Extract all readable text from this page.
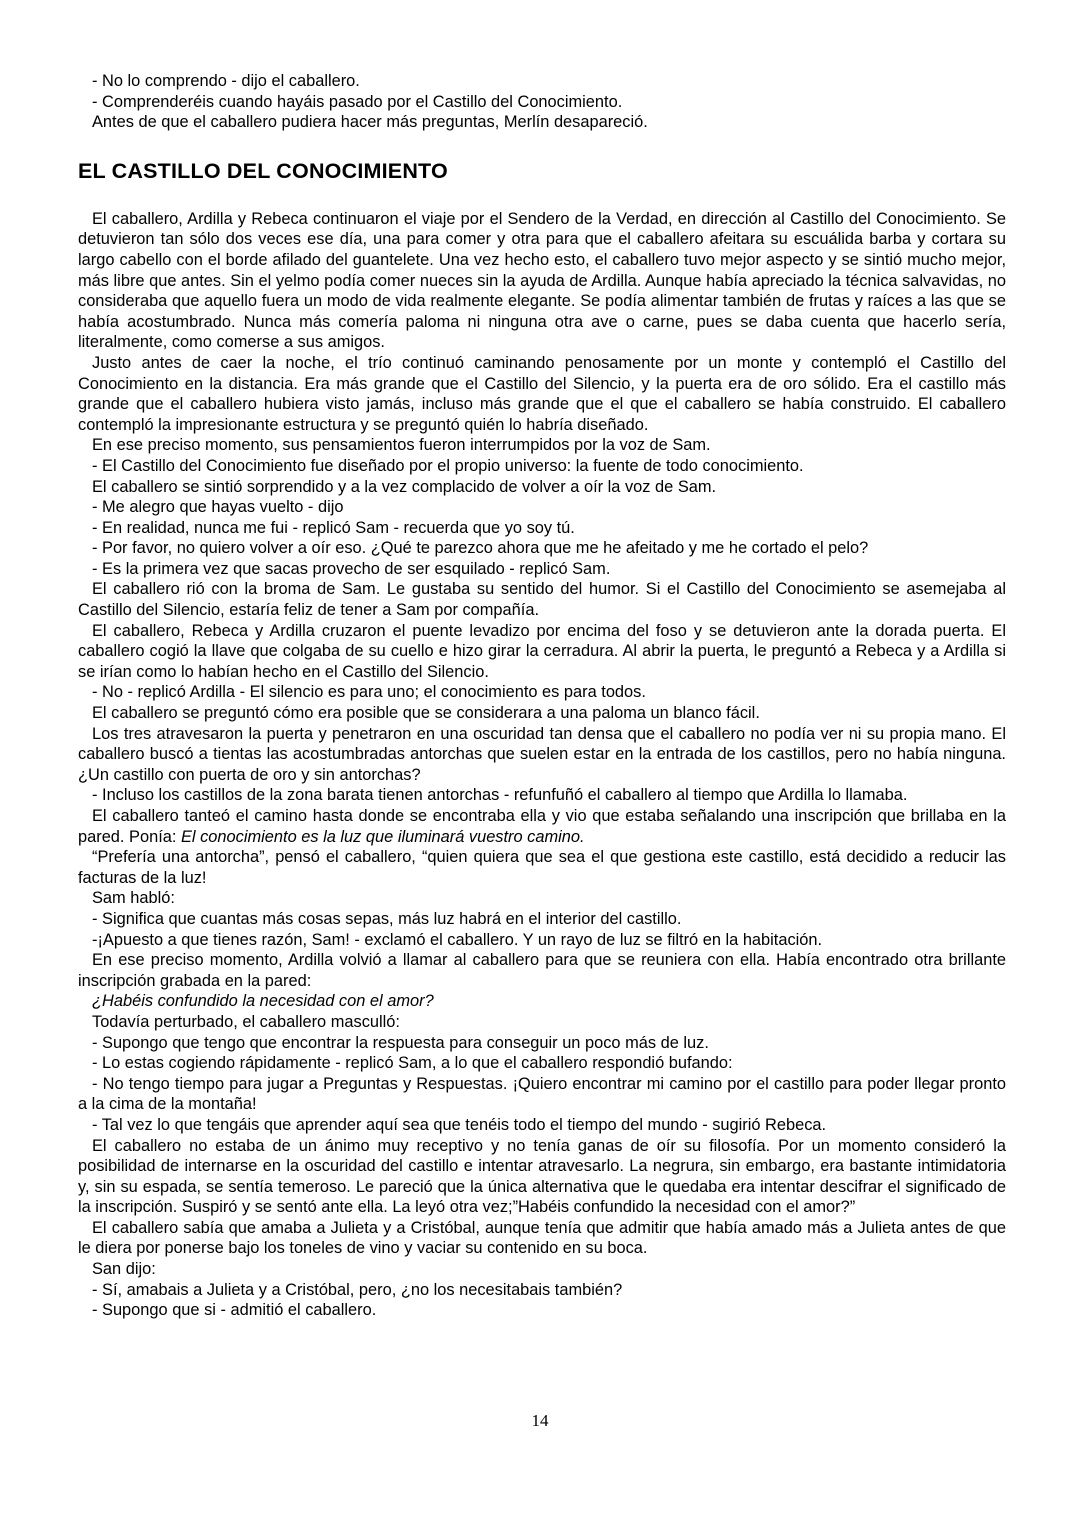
- No lo comprendo - dijo el caballero.

- Comprenderéis cuando hayáis pasado por el Castillo del Conocimiento.

Antes de que el caballero pudiera hacer más preguntas, Merlín desapareció.

EL CASTILLO DEL CONOCIMIENTO

El caballero, Ardilla y Rebeca continuaron el viaje por el Sendero de la Verdad, en dirección al Castillo del Conocimiento. Se detuvieron tan sólo dos veces ese día, una para comer y otra para que el caballero afeitara su escuálida barba y cortara su largo cabello con el borde afilado del guantelete. Una vez hecho esto, el caballero tuvo mejor aspecto y se sintió mucho mejor, más libre que antes. Sin el yelmo podía comer nueces sin la ayuda de Ardilla. Aunque había apreciado la técnica salvavidas, no consideraba que aquello fuera un modo de vida realmente elegante. Se podía alimentar también de frutas y raíces a las que se había acostumbrado. Nunca más comería paloma ni ninguna otra ave o carne, pues se daba cuenta que hacerlo sería, literalmente, como comerse a sus amigos.

Justo antes de caer la noche, el trío continuó caminando penosamente por un monte y contempló el Castillo del Conocimiento en la distancia. Era más grande que el Castillo del Silencio, y la puerta era de oro sólido. Era el castillo más grande que el caballero hubiera visto jamás, incluso más grande que el que el caballero se había construido. El caballero contempló la impresionante estructura y se preguntó quién lo habría diseñado.

En ese preciso momento, sus pensamientos fueron interrumpidos por la voz de Sam.

- El Castillo del Conocimiento fue diseñado por el propio universo: la fuente de todo conocimiento.

El caballero se sintió sorprendido y a la vez complacido de volver a oír la voz de Sam.

- Me alegro que hayas vuelto - dijo

- En realidad, nunca me fui - replicó Sam - recuerda que yo soy tú.

- Por favor, no quiero volver a oír eso. ¿Qué te parezco ahora que me he afeitado y me he cortado el pelo?

- Es la primera vez que sacas provecho de ser esquilado - replicó Sam.

El caballero rió con la broma de Sam. Le gustaba su sentido del humor. Si el Castillo del Conocimiento se asemejaba al Castillo del Silencio, estaría feliz de tener a Sam por compañía.

El caballero, Rebeca y Ardilla cruzaron el puente levadizo por encima del foso y se detuvieron ante la dorada puerta. El caballero cogió la llave que colgaba de su cuello e hizo girar la cerradura. Al abrir la puerta, le preguntó a Rebeca y a Ardilla si se irían como lo habían hecho en el Castillo del Silencio.

- No - replicó Ardilla - El silencio es para uno; el conocimiento es para todos.

El caballero se preguntó cómo era posible que se considerara a una paloma un blanco fácil.

Los tres atravesaron la puerta y penetraron en una oscuridad tan densa que el caballero no podía ver ni su propia mano. El caballero buscó a tientas las acostumbradas antorchas que suelen estar en la entrada de los castillos, pero no había ninguna. ¿Un castillo con puerta de oro y sin antorchas?

- Incluso los castillos de la zona barata tienen antorchas - refunfuñó el caballero al tiempo que Ardilla lo llamaba.

El caballero tanteó el camino hasta donde se encontraba ella y vio que estaba señalando una inscripción que brillaba en la pared. Ponía: El conocimiento es la luz que iluminará vuestro camino.

“Prefería una antorcha”, pensó el caballero, “quien quiera que sea el que gestiona este castillo, está decidido a reducir las facturas de la luz!

Sam habló:

- Significa que cuantas más cosas sepas, más luz habrá en el interior del castillo.

-¡Apuesto a que tienes razón, Sam! - exclamó el caballero. Y un rayo de luz se filtró en la habitación.

En ese preciso momento, Ardilla volvió a llamar al caballero para que se reuniera con ella. Había encontrado otra brillante inscripción grabada en la pared:

¿Habéis confundido la necesidad con el amor?

Todavía perturbado, el caballero masculló:

- Supongo que tengo que encontrar la respuesta para conseguir un poco más de luz.

- Lo estas cogiendo rápidamente - replicó Sam, a lo que el caballero respondió bufando:

- No tengo tiempo para jugar a Preguntas y Respuestas. ¡Quiero encontrar mi camino por el castillo para poder llegar pronto a la cima de la montaña!

- Tal vez lo que tengáis que aprender aquí sea que tenéis todo el tiempo del mundo - sugirió Rebeca.

El caballero no estaba de un ánimo muy receptivo y no tenía ganas de oír su filosofía. Por un momento consideró la posibilidad de internarse en la oscuridad del castillo e intentar atravesarlo. La negrura, sin embargo, era bastante intimidatoria y, sin su espada, se sentía temeroso. Le pareció que la única alternativa que le quedaba era intentar descifrar el significado de la inscripción. Suspiró y se sentó ante ella. La leyó otra vez;”Habéis confundido la necesidad con el amor?”

El caballero sabía que amaba a Julieta y a Cristóbal, aunque tenía que admitir que había amado más a Julieta antes de que le diera por ponerse bajo los toneles de vino y vaciar su contenido en su boca.

San dijo:

- Sí, amabais a Julieta y a Cristóbal, pero, ¿no los necesitabais también?

- Supongo que si - admitió el caballero.

14
